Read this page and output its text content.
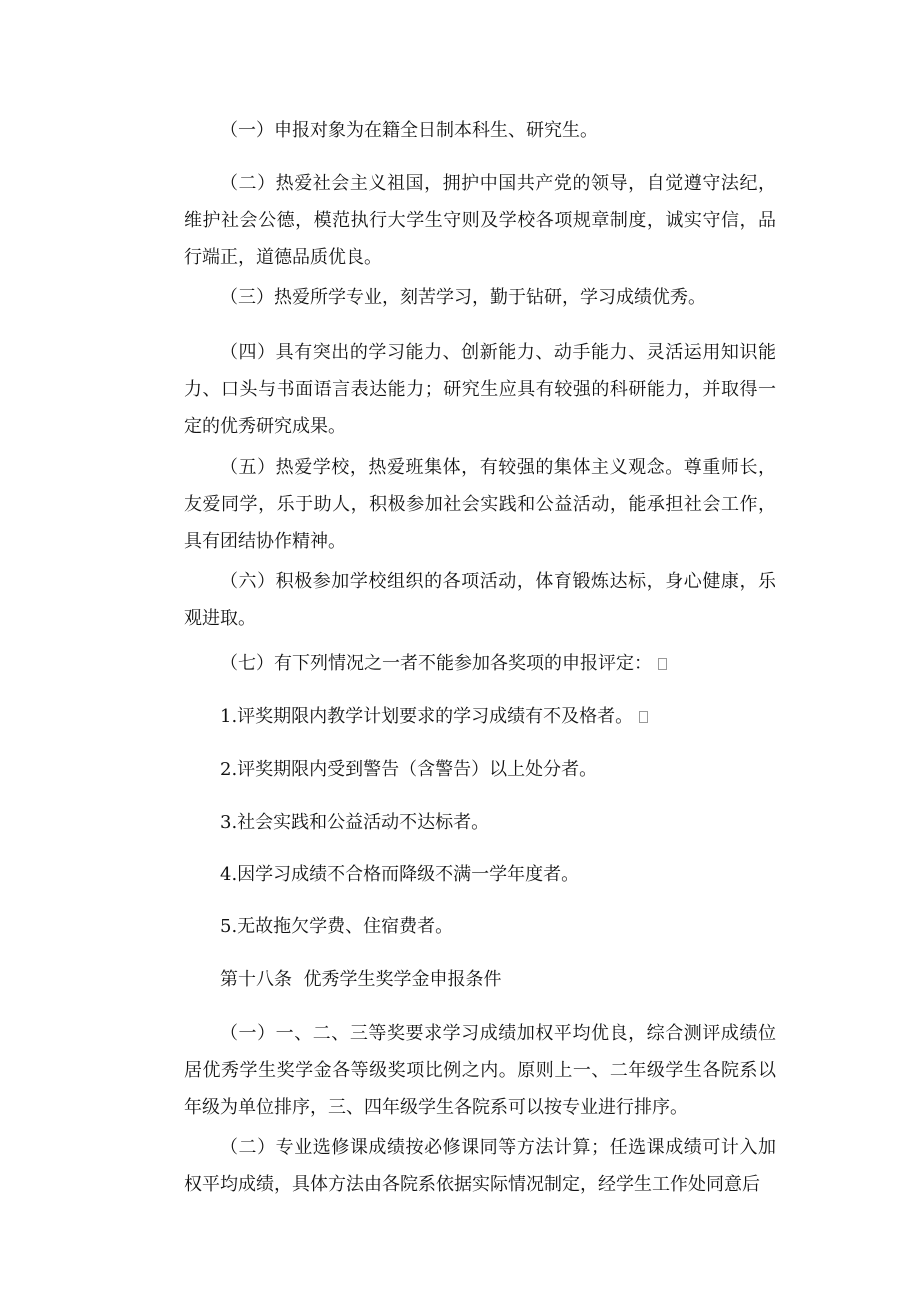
（一）申报对象为在籍全日制本科生、研究生。

（二）热爱社会主义祖国，拥护中国共产党的领导，自觉遵守法纪，维护社会公德，模范执行大学生守则及学校各项规章制度，诚实守信，品行端正，道德品质优良。

（三）热爱所学专业，刻苦学习，勤于钻研，学习成绩优秀。

（四）具有突出的学习能力、创新能力、动手能力、灵活运用知识能力、口头与书面语言表达能力；研究生应具有较强的科研能力，并取得一定的优秀研究成果。

（五）热爱学校，热爱班集体，有较强的集体主义观念。尊重师长，友爱同学，乐于助人，积极参加社会实践和公益活动，能承担社会工作，具有团结协作精神。

（六）积极参加学校组织的各项活动，体育锻炼达标，身心健康，乐观进取。

（七）有下列情况之一者不能参加各奖项的申报评定：

1.评奖期限内教学计划要求的学习成绩有不及格者。

2.评奖期限内受到警告（含警告）以上处分者。

3.社会实践和公益活动不达标者。

4.因学习成绩不合格而降级不满一学年度者。

5.无故拖欠学费、住宿费者。

第十八条  优秀学生奖学金申报条件

（一）一、二、三等奖要求学习成绩加权平均优良，综合测评成绩位居优秀学生奖学金各等级奖项比例之内。原则上一、二年级学生各院系以年级为单位排序，三、四年级学生各院系可以按专业进行排序。

（二）专业选修课成绩按必修课同等方法计算；任选课成绩可计入加权平均成绩，具体方法由各院系依据实际情况制定，经学生工作处同意后
